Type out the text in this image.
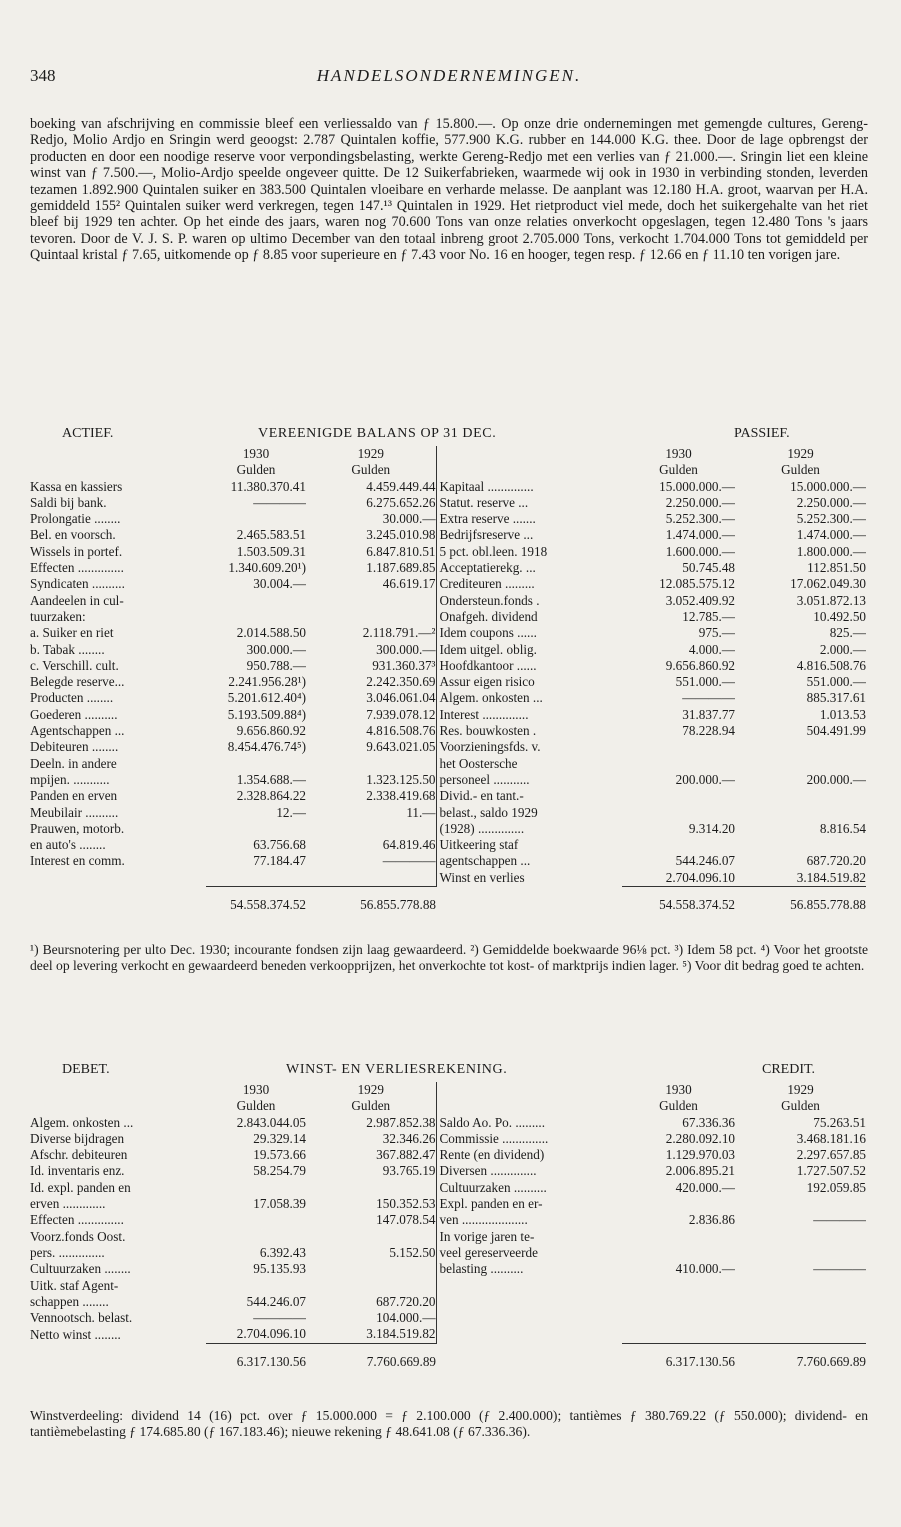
348	HANDELSONDERNEMINGEN.

boeking van afschrijving en commissie bleef een verliessaldo van ƒ 15.800.—. Op onze drie ondernemingen met gemengde cultures, Gereng-Redjo, Molio Ardjo en Sringin werd geoogst: 2.787 Quintalen koffie, 577.900 K.G. rubber en 144.000 K.G. thee. Door de lage opbrengst der producten en door een noodige reserve voor verpondingsbelasting, werkte Gereng-Redjo met een verlies van ƒ 21.000.—. Sringin liet een kleine winst van ƒ 7.500.—, Molio-Ardjo speelde ongeveer quitte. De 12 Suikerfabrieken, waarmede wij ook in 1930 in verbinding stonden, leverden tezamen 1.892.900 Quintalen suiker en 383.500 Quintalen vloeibare en verharde melasse. De aanplant was 12.180 H.A. groot, waarvan per H.A. gemiddeld 155² Quintalen suiker werd verkregen, tegen 147.¹³ Quintalen in 1929. Het rietproduct viel mede, doch het suikergehalte van het riet bleef bij 1929 ten achter. Op het einde des jaars, waren nog 70.600 Tons van onze relaties onverkocht opgeslagen, tegen 12.480 Tons 's jaars tevoren. Door de V. J. S. P. waren op ultimo December van den totaal inbreng groot 2.705.000 Tons, verkocht 1.704.000 Tons tot gemiddeld per Quintaal kristal ƒ 7.65, uitkomende op ƒ 8.85 voor superieure en ƒ 7.43 voor No. 16 en hooger, tegen resp. ƒ 12.66 en ƒ 11.10 ten vorigen jare.

ACTIEF.	VEREENIGDE BALANS OP 31 DEC.	PASSIEF.
	1930	1929		1930	1929
	Gulden	Gulden		Gulden	Gulden
Kassa en kassiers	11.380.370.41	4.459.449.44	Kapitaal ..............	15.000.000.—	15.000.000.—
Saldi bij bank.	————	6.275.652.26	Statut. reserve ...	2.250.000.—	2.250.000.—
Prolongatie ........		30.000.—	Extra reserve .......	5.252.300.—	5.252.300.—
Bel. en voorsch.	2.465.583.51	3.245.010.98	Bedrijfsreserve ...	1.474.000.—	1.474.000.—
Wissels in portef.	1.503.509.31	6.847.810.51	5 pct. obl.leen. 1918	1.600.000.—	1.800.000.—
Effecten ..............	1.340.609.20¹)	1.187.689.85	Acceptatierekg. ...	50.745.48	112.851.50
Syndicaten ..........	30.004.—	46.619.17	Crediteuren .........	12.085.575.12	17.062.049.30
Aandeelen in cul-			Ondersteun.fonds .	3.052.409.92	3.051.872.13
tuurzaken:			Onafgeh. dividend	12.785.—	10.492.50
a. Suiker en riet	2.014.588.50	2.118.791.—²	Idem coupons ......	975.—	825.—
b. Tabak ........	300.000.—	300.000.—	Idem uitgel. oblig.	4.000.—	2.000.—
c. Verschill. cult.	950.788.—	931.360.37³	Hoofdkantoor ......	9.656.860.92	4.816.508.76
Belegde reserve...	2.241.956.28¹)	2.242.350.69	Assur eigen risico	551.000.—	551.000.—
Producten ........	5.201.612.40⁴)	3.046.061.04	Algem. onkosten ...	————	885.317.61
Goederen ..........	5.193.509.88⁴)	7.939.078.12	Interest ..............	31.837.77	1.013.53
Agentschappen ...	9.656.860.92	4.816.508.76	Res. bouwkosten .	78.228.94	504.491.99
Debiteuren ........	8.454.476.74⁵)	9.643.021.05	Voorzieningsfds. v.		
Deeln. in andere			het Oostersche		
mpijen. ...........	1.354.688.—	1.323.125.50	personeel ...........	200.000.—	200.000.—
Panden en erven	2.328.864.22	2.338.419.68	Divid.- en tant.-		
Meubilair ..........	12.—	11.—	belast., saldo 1929		
Prauwen, motorb.			(1928) ..............	9.314.20	8.816.54
en auto's ........	63.756.68	64.819.46	Uitkeering staf		
Interest en comm.	77.184.47	————	agentschappen ...	544.246.07	687.720.20
			Winst en verlies	2.704.096.10	3.184.519.82
	54.558.374.52	56.855.778.88		54.558.374.52	56.855.778.88

¹) Beursnotering per ulto Dec. 1930; incourante fondsen zijn laag gewaardeerd. ²) Gemiddelde boekwaarde 96⅛ pct. ³) Idem 58 pct. ⁴) Voor het grootste deel op levering verkocht en gewaardeerd beneden verkoopprijzen, het onverkochte tot kost- of marktprijs indien lager. ⁵) Voor dit bedrag goed te achten.

DEBET.	WINST- EN VERLIESREKENING.	CREDIT.
	1930	1929		1930	1929
	Gulden	Gulden		Gulden	Gulden
Algem. onkosten ...	2.843.044.05	2.987.852.38	Saldo Ao. Po. .........	67.336.36	75.263.51
Diverse bijdragen	29.329.14	32.346.26	Commissie ..............	2.280.092.10	3.468.181.16
Afschr. debiteuren	19.573.66	367.882.47	Rente (en dividend)	1.129.970.03	2.297.657.85
Id. inventaris enz.	58.254.79	93.765.19	Diversen ..............	2.006.895.21	1.727.507.52
Id. expl. panden en			Cultuurzaken ..........	420.000.—	192.059.85
erven .............	17.058.39	150.352.53	Expl. panden en er-		
Effecten ..............		147.078.54	ven ....................	2.836.86	————
Voorz.fonds Oost.			In vorige jaren te-		
pers. ..............	6.392.43	5.152.50	veel gereserveerde		
Cultuurzaken ........	95.135.93		belasting ..........	410.000.—	————
Uitk. staf Agent-					
schappen ........	544.246.07	687.720.20			
Vennootsch. belast.	————	104.000.—			
Netto winst ........	2.704.096.10	3.184.519.82			
	6.317.130.56	7.760.669.89		6.317.130.56	7.760.669.89

Winstverdeeling: dividend 14 (16) pct. over ƒ 15.000.000 = ƒ 2.100.000 (ƒ 2.400.000); tantièmes ƒ 380.769.22 (ƒ 550.000); dividend- en tantièmebelasting ƒ 174.685.80 (ƒ 167.183.46); nieuwe rekening ƒ 48.641.08 (ƒ 67.336.36).
